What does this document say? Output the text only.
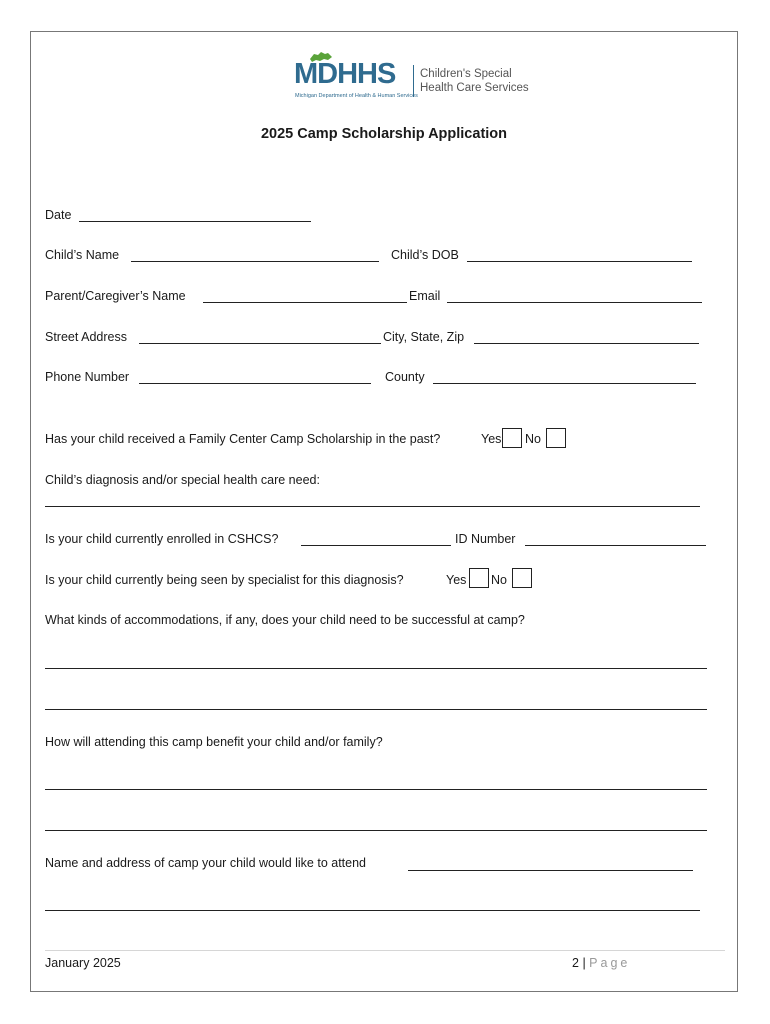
MDHHS
Michigan Department of Health & Human Services
Children's Special
Health Care Services
2025 Camp Scholarship Application
Date
Child’s Name	Child’s DOB
Parent/Caregiver’s Name	Email
Street Address	City, State, Zip
Phone Number	County
Has your child received a Family Center Camp Scholarship in the past?	Yes No
Child’s diagnosis and/or special health care need:
Is your child currently enrolled in CSHCS?	ID Number
Is your child currently being seen by specialist for this diagnosis?	Yes No
What kinds of accommodations, if any, does your child need to be successful at camp?
How will attending this camp benefit your child and/or family?
Name and address of camp your child would like to attend
January 2025	2 | Page
